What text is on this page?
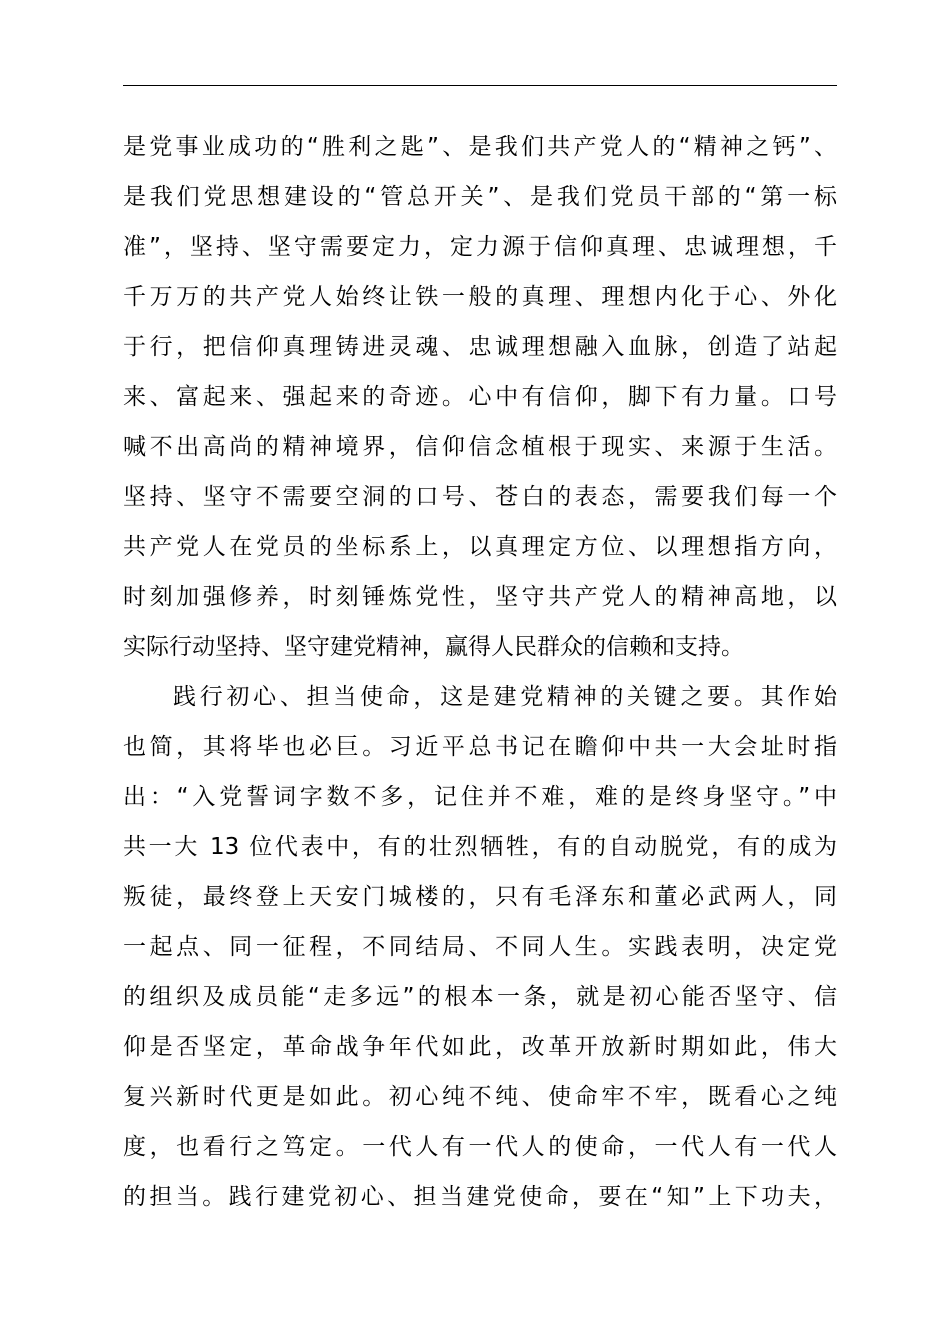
是党事业成功的“胜利之匙”、是我们共产党人的“精神之钙”、
是我们党思想建设的“管总开关”、是我们党员干部的“第一标
准”，坚持、坚守需要定力，定力源于信仰真理、忠诚理想，千
千万万的共产党人始终让铁一般的真理、理想内化于心、外化
于行，把信仰真理铸进灵魂、忠诚理想融入血脉，创造了站起
来、富起来、强起来的奇迹。心中有信仰，脚下有力量。口号
喊不出高尚的精神境界，信仰信念植根于现实、来源于生活。
坚持、坚守不需要空洞的口号、苍白的表态，需要我们每一个
共产党人在党员的坐标系上，以真理定方位、以理想指方向，
时刻加强修养，时刻锤炼党性，坚守共产党人的精神高地，以
实际行动坚持、坚守建党精神，赢得人民群众的信赖和支持。
践行初心、担当使命，这是建党精神的关键之要。其作始
也简，其将毕也必巨。习近平总书记在瞻仰中共一大会址时指
出：“入党誓词字数不多，记住并不难，难的是终身坚守。”中
共一大 13 位代表中，有的壮烈牺牲，有的自动脱党，有的成为
叛徒，最终登上天安门城楼的，只有毛泽东和董必武两人，同
一起点、同一征程，不同结局、不同人生。实践表明，决定党
的组织及成员能“走多远”的根本一条，就是初心能否坚守、信
仰是否坚定，革命战争年代如此，改革开放新时期如此，伟大
复兴新时代更是如此。初心纯不纯、使命牢不牢，既看心之纯
度，也看行之笃定。一代人有一代人的使命，一代人有一代人
的担当。践行建党初心、担当建党使命，要在“知”上下功夫，
